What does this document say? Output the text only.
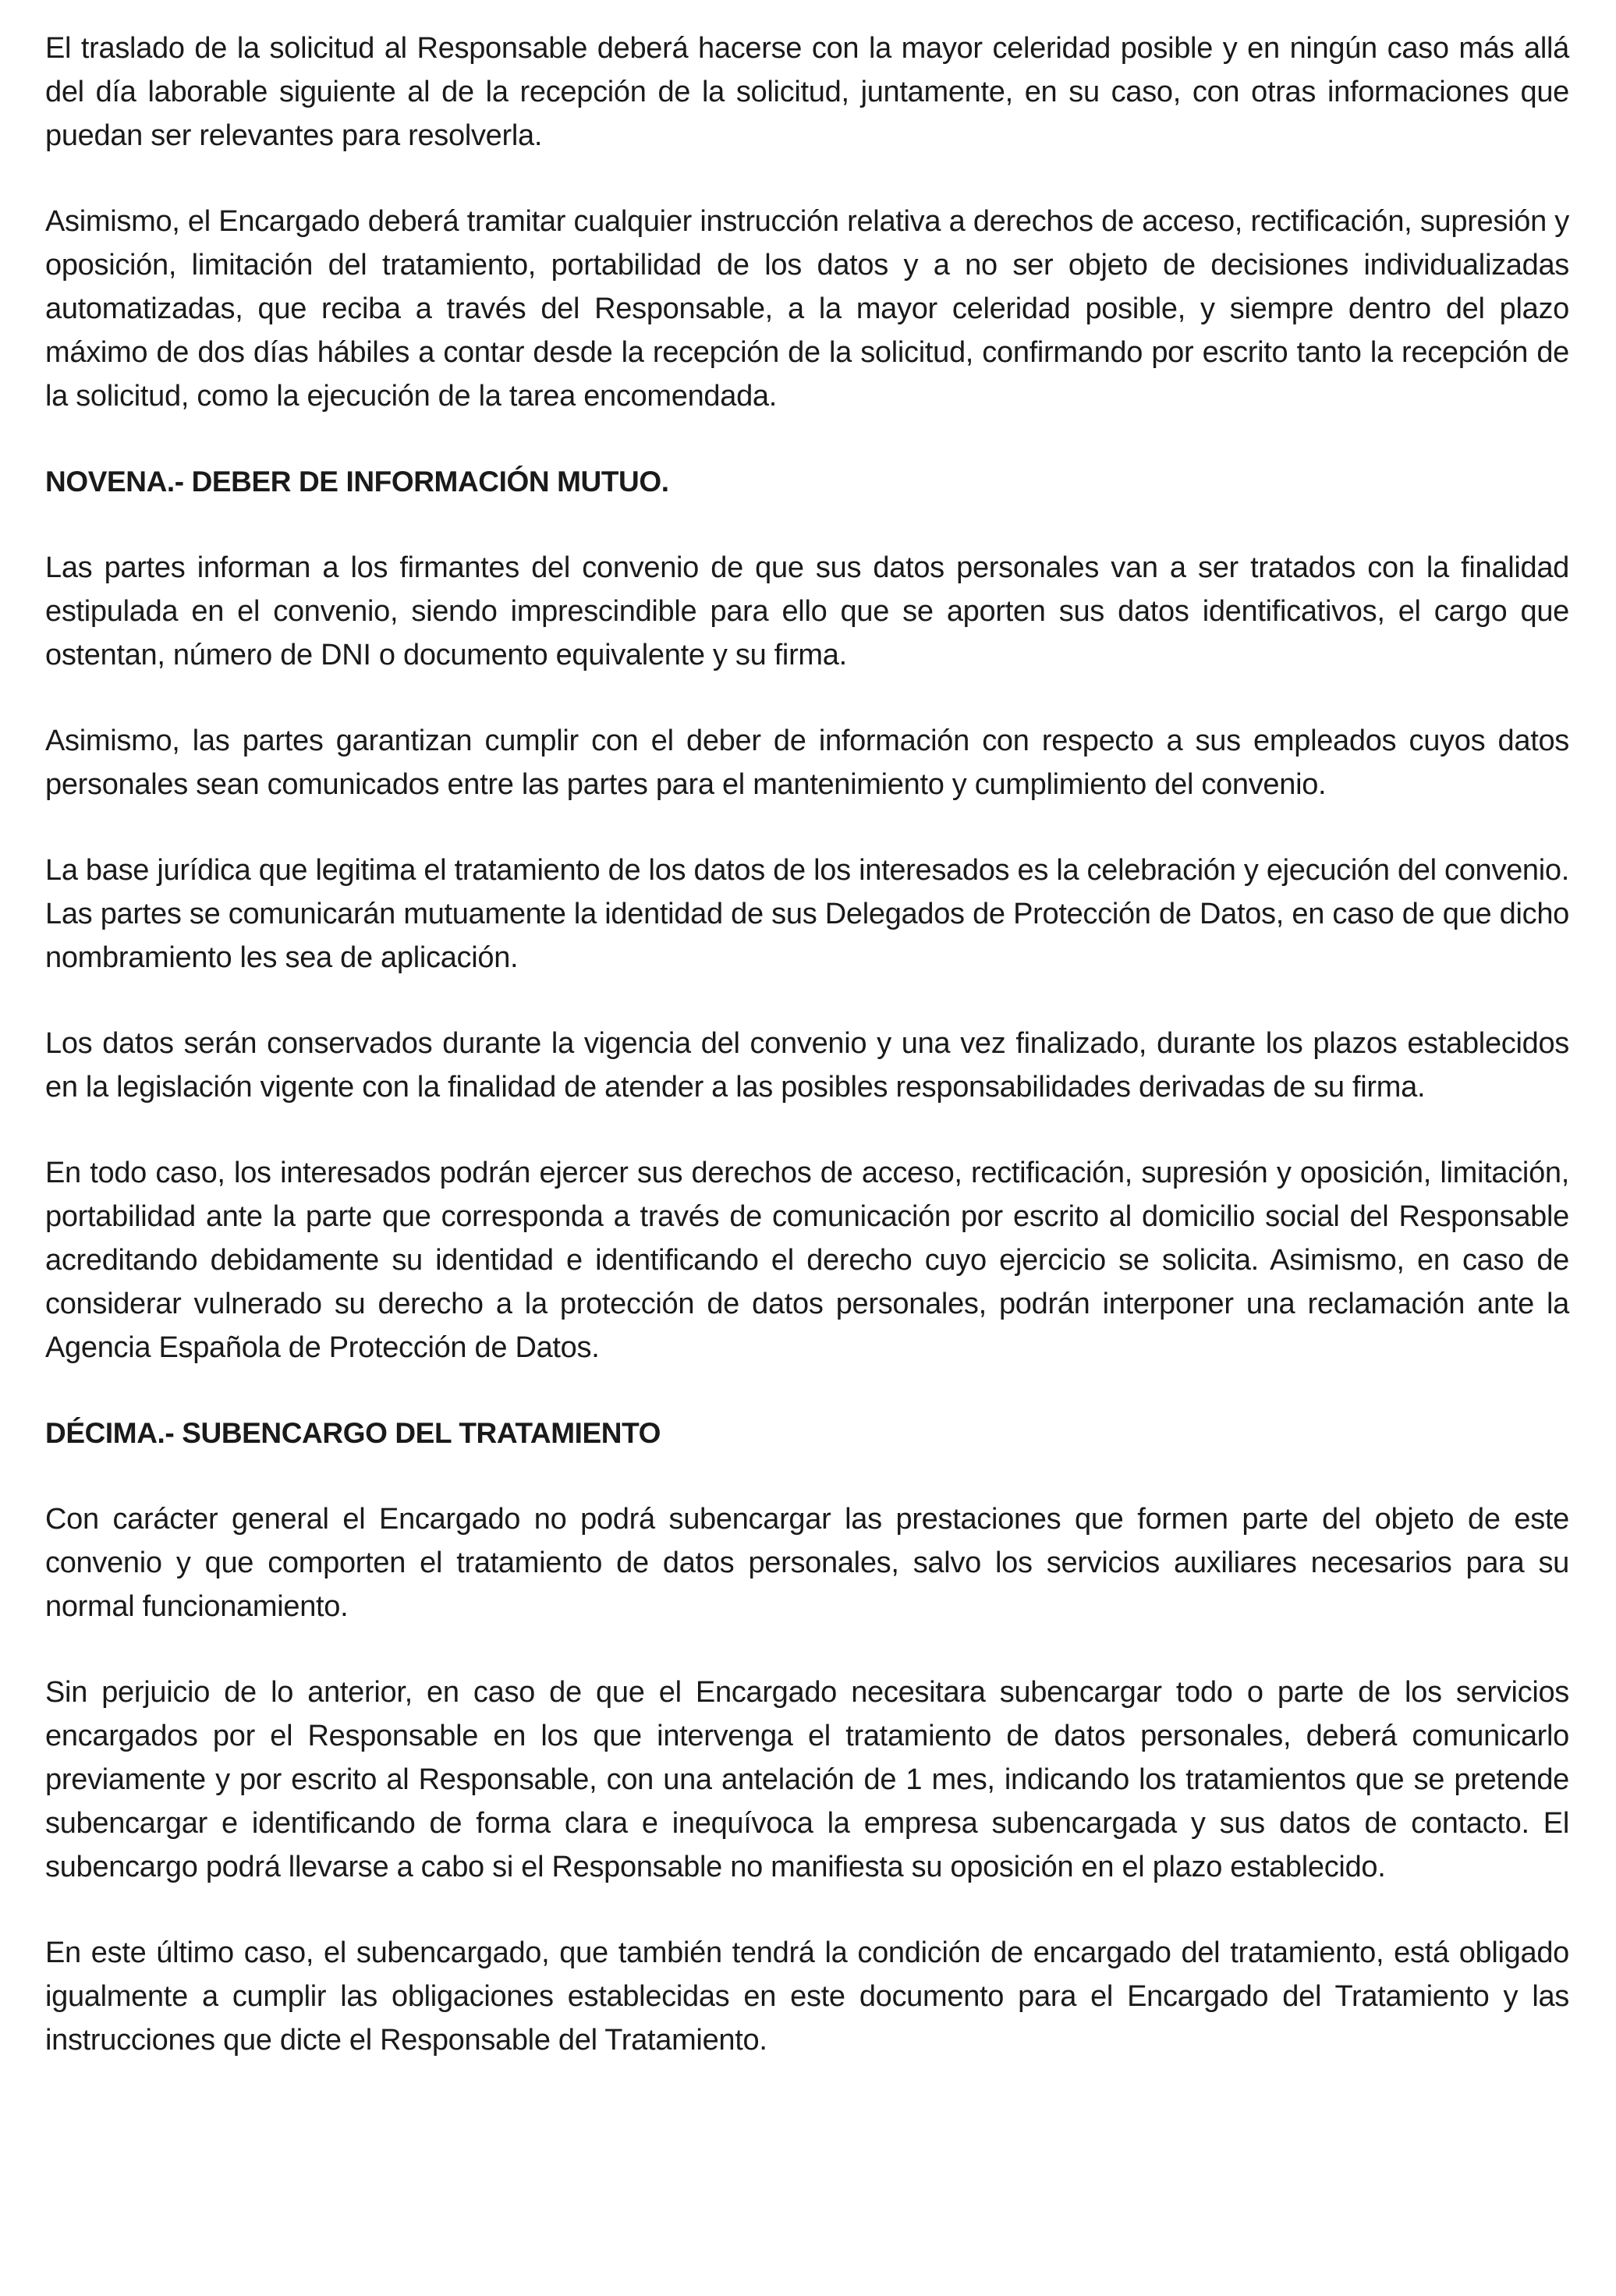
El traslado de la solicitud al Responsable deberá hacerse con la mayor celeridad posible y en ningún caso más allá del día laborable siguiente al de la recepción de la solicitud, juntamente, en su caso, con otras informaciones que puedan ser relevantes para resolverla.

Asimismo, el Encargado deberá tramitar cualquier instrucción relativa a derechos de acceso, rectificación, supresión y oposición, limitación del tratamiento, portabilidad de los datos y a no ser objeto de decisiones individualizadas automatizadas, que reciba a través del Responsable, a la mayor celeridad posible, y siempre dentro del plazo máximo de dos días hábiles a contar desde la recepción de la solicitud, confirmando por escrito tanto la recepción de la solicitud, como la ejecución de la tarea encomendada.

NOVENA.- DEBER DE INFORMACIÓN MUTUO.

Las partes informan a los firmantes del convenio de que sus datos personales van a ser tratados con la finalidad estipulada en el convenio, siendo imprescindible para ello que se aporten sus datos identificativos, el cargo que ostentan, número de DNI o documento equivalente y su firma.

Asimismo, las partes garantizan cumplir con el deber de información con respecto a sus empleados cuyos datos personales sean comunicados entre las partes para el mantenimiento y cumplimiento del convenio.

La base jurídica que legitima el tratamiento de los datos de los interesados es la celebración y ejecución del convenio. Las partes se comunicarán mutuamente la identidad de sus Delegados de Protección de Datos, en caso de que dicho nombramiento les sea de aplicación.

Los datos serán conservados durante la vigencia del convenio y una vez finalizado, durante los plazos establecidos en la legislación vigente con la finalidad de atender a las posibles responsabilidades derivadas de su firma.

En todo caso, los interesados podrán ejercer sus derechos de acceso, rectificación, supresión y oposición, limitación, portabilidad ante la parte que corresponda a través de comunicación por escrito al domicilio social del Responsable acreditando debidamente su identidad e identificando el derecho cuyo ejercicio se solicita. Asimismo, en caso de considerar vulnerado su derecho a la protección de datos personales, podrán interponer una reclamación ante la Agencia Española de Protección de Datos.

DÉCIMA.- SUBENCARGO DEL TRATAMIENTO

Con carácter general el Encargado no podrá subencargar las prestaciones que formen parte del objeto de este convenio y que comporten el tratamiento de datos personales, salvo los servicios auxiliares necesarios para su normal funcionamiento.

Sin perjuicio de lo anterior, en caso de que el Encargado necesitara subencargar todo o parte de los servicios encargados por el Responsable en los que intervenga el tratamiento de datos personales, deberá comunicarlo previamente y por escrito al Responsable, con una antelación de 1 mes, indicando los tratamientos que se pretende subencargar e identificando de forma clara e inequívoca la empresa subencargada y sus datos de contacto. El subencargo podrá llevarse a cabo si el Responsable no manifiesta su oposición en el plazo establecido.

En este último caso, el subencargado, que también tendrá la condición de encargado del tratamiento, está obligado igualmente a cumplir las obligaciones establecidas en este documento para el Encargado del Tratamiento y las instrucciones que dicte el Responsable del Tratamiento.
